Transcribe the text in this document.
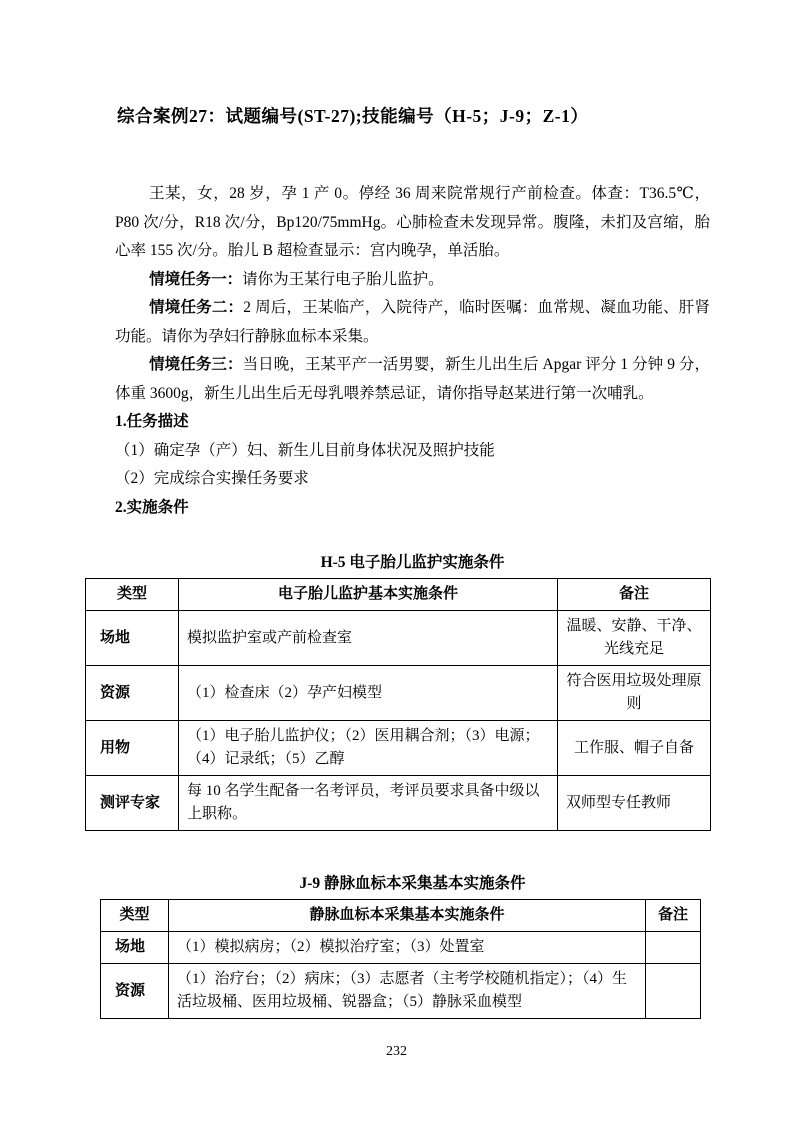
综合案例27：试题编号(ST-27);技能编号（H-5；J-9；Z-1）

王某，女，28 岁，孕 1 产 0。停经 36 周来院常规行产前检查。体查：T36.5℃，P80 次/分，R18 次/分，Bp120/75mmHg。心肺检查未发现异常。腹隆，未扪及宫缩，胎心率 155 次/分。胎儿 B 超检查显示：宫内晚孕，单活胎。

情境任务一：请你为王某行电子胎儿监护。

情境任务二：2 周后，王某临产，入院待产，临时医嘱：血常规、凝血功能、肝肾功能。请你为孕妇行静脉血标本采集。

情境任务三：当日晚，王某平产一活男婴，新生儿出生后 Apgar 评分 1 分钟 9 分，体重 3600g，新生儿出生后无母乳喂养禁忌证，请你指导赵某进行第一次哺乳。

1.任务描述

（1）确定孕（产）妇、新生儿目前身体状况及照护技能

（2）完成综合实操任务要求

2.实施条件

H-5 电子胎儿监护实施条件

类型	电子胎儿监护基本实施条件	备注
场地	模拟监护室或产前检查室	温暖、安静、干净、光线充足
资源	（1）检查床（2）孕产妇模型	符合医用垃圾处理原则
用物	（1）电子胎儿监护仪；（2）医用耦合剂；（3）电源；（4）记录纸；（5）乙醇	工作服、帽子自备
测评专家	每 10 名学生配备一名考评员，考评员要求具备中级以上职称。	双师型专任教师

J-9 静脉血标本采集基本实施条件

类型	静脉血标本采集基本实施条件	备注
场地	（1）模拟病房；（2）模拟治疗室；（3）处置室	
资源	（1）治疗台；（2）病床；（3）志愿者（主考学校随机指定）；（4）生活垃圾桶、医用垃圾桶、锐器盒；（5）静脉采血模型	
232
